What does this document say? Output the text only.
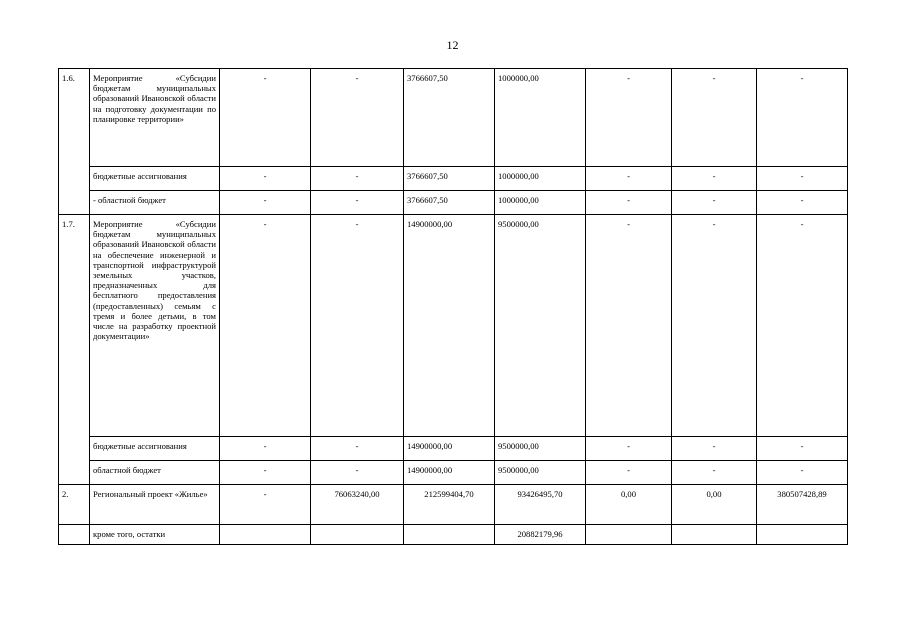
12
1.6.	Мероприятие «Субсидии бюджетам муниципальных образований Ивановской области на подготовку документации по планировке территории»	-	-	3766607,50	1000000,00	-	-	-
	бюджетные ассигнования	-	-	3766607,50	1000000,00	-	-	-
	- областной бюджет	-	-	3766607,50	1000000,00	-	-	-
1.7.	Мероприятие «Субсидии бюджетам муниципальных образований Ивановской области на обеспечение инженерной и транспортной инфраструктурой земельных участков, предназначенных для бесплатного предоставления (предоставленных) семьям с тремя и более детьми, в том числе на разработку проектной документации»	-	-	14900000,00	9500000,00	-	-	-
	бюджетные ассигнования	-	-	14900000,00	9500000,00	-	-	-
	областной бюджет	-	-	14900000,00	9500000,00	-	-	-
2.	Региональный проект «Жилье»	-	76063240,00	212599404,70	93426495,70	0,00	0,00	380507428,89
	кроме того, остатки				20882179,96			
